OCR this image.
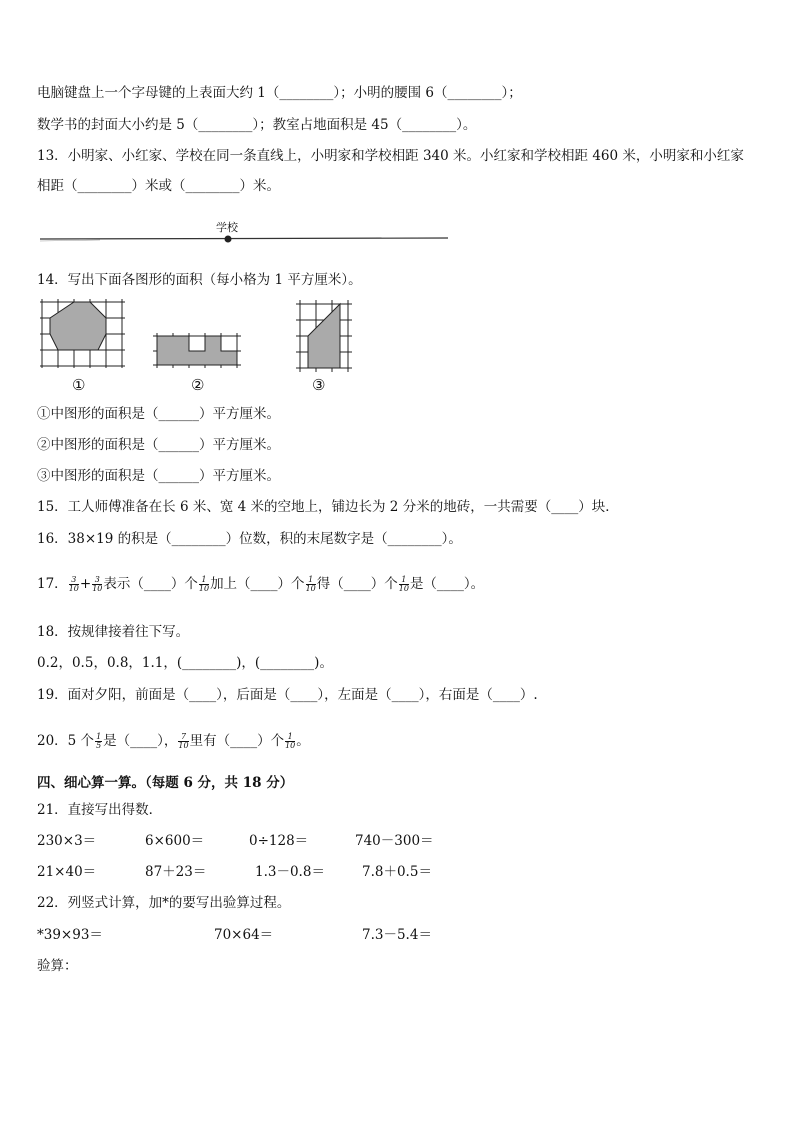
电脑键盘上一个字母键的上表面大约 1（________）；小明的腰围 6（________）；
数学书的封面大小约是 5（________）；教室占地面积是 45（________）。
13．小明家、小红家、学校在同一条直线上，小明家和学校相距 340 米。小红家和学校相距 460 米，小明家和小红家
相距（________）米或（________）米。
学校
14．写出下面各图形的面积（每小格为 1 平方厘米）。
①	②	③
①中图形的面积是（______）平方厘米。
②中图形的面积是（______）平方厘米。
③中图形的面积是（______）平方厘米。
15．工人师傅准备在长 6 米、宽 4 米的空地上，铺边长为 2 分米的地砖，一共需要（____）块．
16．38×19 的积是（________）位数，积的末尾数字是（________）。
17． $\frac{3}{10} + \frac{3}{10}$ 表示（____）个 $\frac{1}{10}$ 加上（____）个 $\frac{1}{10}$ 得（____）个 $\frac{1}{10}$ 是（____）。
18．按规律接着往下写。
0.2，0.5，0.8，1.1，(________)，(________)。
19．面对夕阳，前面是（____），后面是（____），左面是（____），右面是（____）.
20．5 个 $\frac{1}{5}$ 是（____）， $\frac{7}{10}$ 里有（____）个 $\frac{1}{10}$ 。
四、细心算一算。（每题 6 分，共 18 分）
21．直接写出得数．
230×3＝	6×600＝	0÷128＝	740－300＝
21×40＝	87＋23＝	1.3－0.8＝	7.8＋0.5＝
22．列竖式计算，加*的要写出验算过程。
*39×93＝	70×64＝	7.3－5.4＝
验算：
